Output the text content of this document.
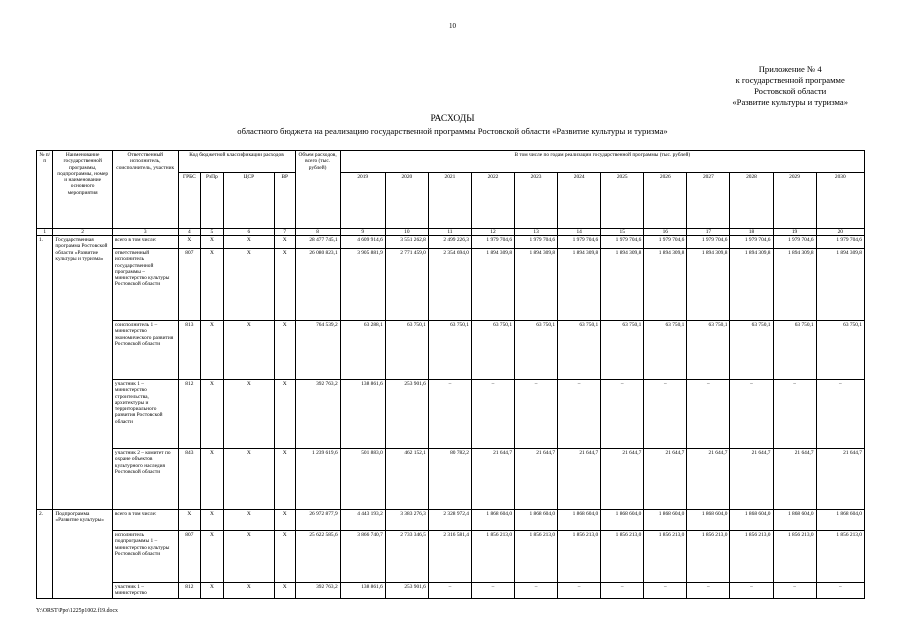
10
Приложение № 4
к государственной программе
Ростовской области
«Развитие культуры и туризма»
РАСХОДЫ
областного бюджета на реализацию государственной программы Ростовской области «Развитие культуры и туризма»
№ п/п	Наименование государственной программы, подпрограммы, номер и наименование основного мероприятия	Ответственный исполнитель, соисполнитель, участник	Код бюджетной классификации расходов				Объем расходов, всего (тыс. рублей)	В том числе по годам реализации государственной программы (тыс. рублей)											
			ГРБС	РзПр	ЦСР	ВР		2019	2020	2021	2022	2023	2024	2025	2026	2027	2028	2029	2030
1	2	3	4	5	6	7	8	9	10	11	12	13	14	15	16	17	18	19	20
1.	Государственная программа Ростовской области «Развитие культуры и туризма»	всего в том числе:	X	X	X	X	28 477 745,1	4 609 914,6	3 551 262,8	2 499 226,3	1 979 704,6	1 979 704,6	1 979 704,6	1 979 704,6	1 979 704,6	1 979 704,6	1 979 704,6	1 979 704,6	1 979 704,6
		ответственный исполнитель государственной программы – министерство культуры Ростовской области	807	X	X	X	26 080 823,1	3 905 881,9	2 771 459,0	2 354 694,0	1 894 309,8	1 894 309,8	1 894 309,8	1 894 309,8	1 894 309,8	1 894 309,8	1 894 309,8	1 894 309,8	1 894 309,8
		соисполнитель 1 – министерство экономического развития Ростовской области	813	X	X	X	764 539,2	63 288,1	63 750,1	63 750,1	63 750,1	63 750,1	63 750,1	63 750,1	63 750,1	63 750,1	63 750,1	63 750,1	63 750,1
		участник 1 – министерство строительства, архитектуры и территориального развития Ростовской области	812	X	X	X	392 763,2	138 861,6	253 901,6	–	–	–	–	–	–	–	–	–	–
		участник 2 – комитет по охране объектов культурного наследия Ростовской области	843	X	X	X	1 239 619,6	501 883,0	462 152,1	80 782,2	21 644,7	21 644,7	21 644,7	21 644,7	21 644,7	21 644,7	21 644,7	21 644,7	21 644,7
2.	Подпрограмма «Развитие культуры»	всего в том числе:	X	X	X	X	26 972 877,9	4 443 193,2	3 383 276,3	2 328 972,4	1 868 604,0	1 868 604,0	1 868 604,0	1 868 604,0	1 868 604,0	1 868 604,0	1 868 604,0	1 868 604,0	1 868 604,0
		исполнитель подпрограммы 1 – министерство культуры Ростовской области	807	X	X	X	25 622 585,6	3 866 740,7	2 733 346,5	2 316 581,4	1 856 213,0	1 856 213,0	1 856 213,0	1 856 213,0	1 856 213,0	1 856 213,0	1 856 213,0	1 856 213,0	1 856 213,0
		участник 1 – министерство	812	X	X	X	392 763,2	138 861,6	253 901,6	–	–	–	–	–	–	–	–	–	–
Y:\ORST\Ppo\1225p1002.f19.docx
